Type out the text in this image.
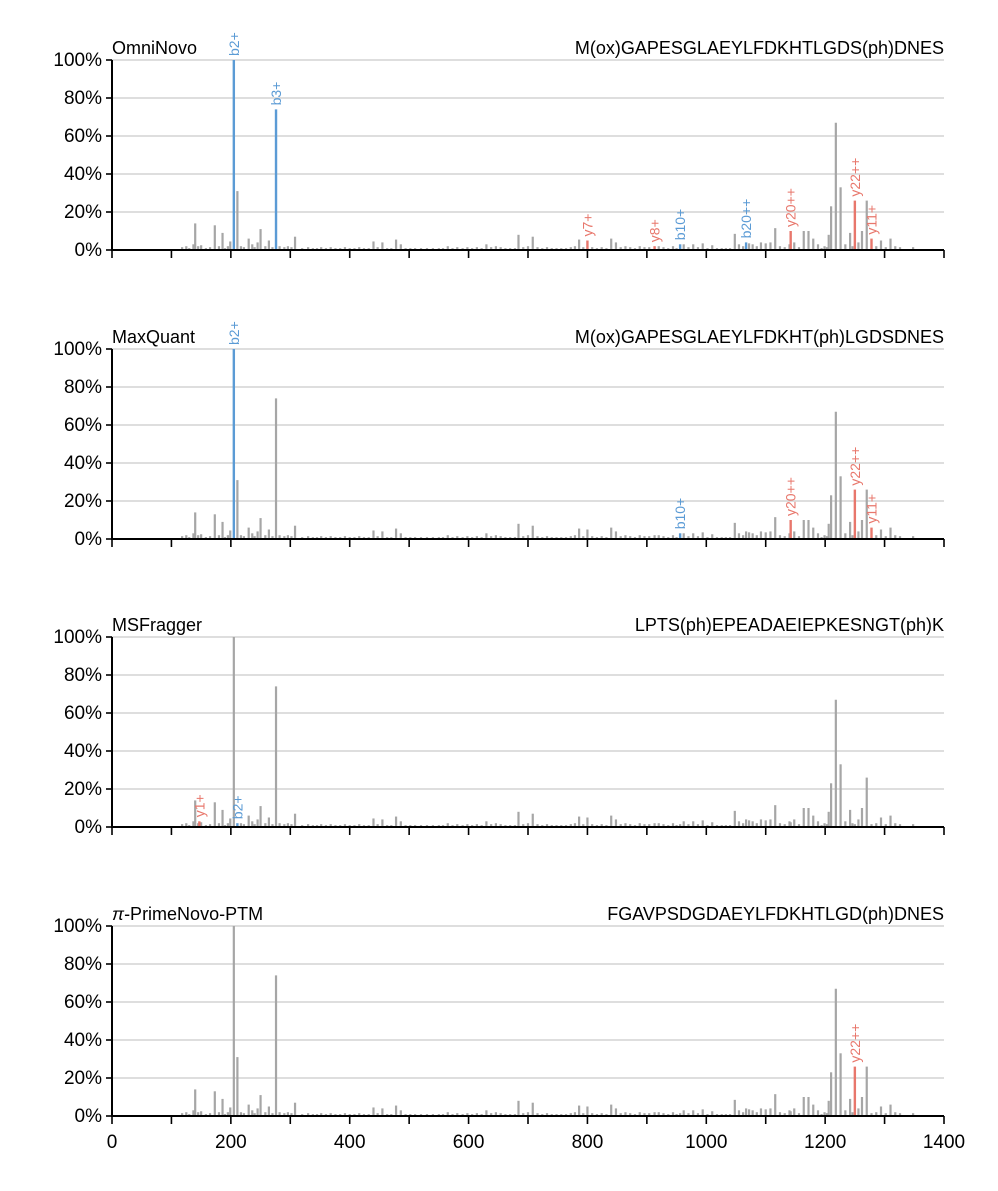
b2+
b3+
y7+	y8+ b10+	b20++ y20++
y22++
y11+
0%
20%
40%
60%
80%
100%
OmniNovo	M(ox)GAPESGLAEYLFDKHTLGDS(ph)DNES
b2+
b10+	y20++
y22++
y11+
0%
20%
40%
60%
80%
100%
MaxQuant	M(ox)GAPESGLAEYLFDKHT(ph)LGDSDNES
y1+ b2+
0%
20%
40%
60%
80%
100%
MSFragger	LPTS(ph)EPEADAEIEPKESNGT(ph)K
y22++
0%
20%
40%
60%
80%
100%
0	200	400	600	800	1000	1200	1400
π-PrimeNovo-PTM	FGAVPSDGDAEYLFDKHTLGD(ph)DNES
